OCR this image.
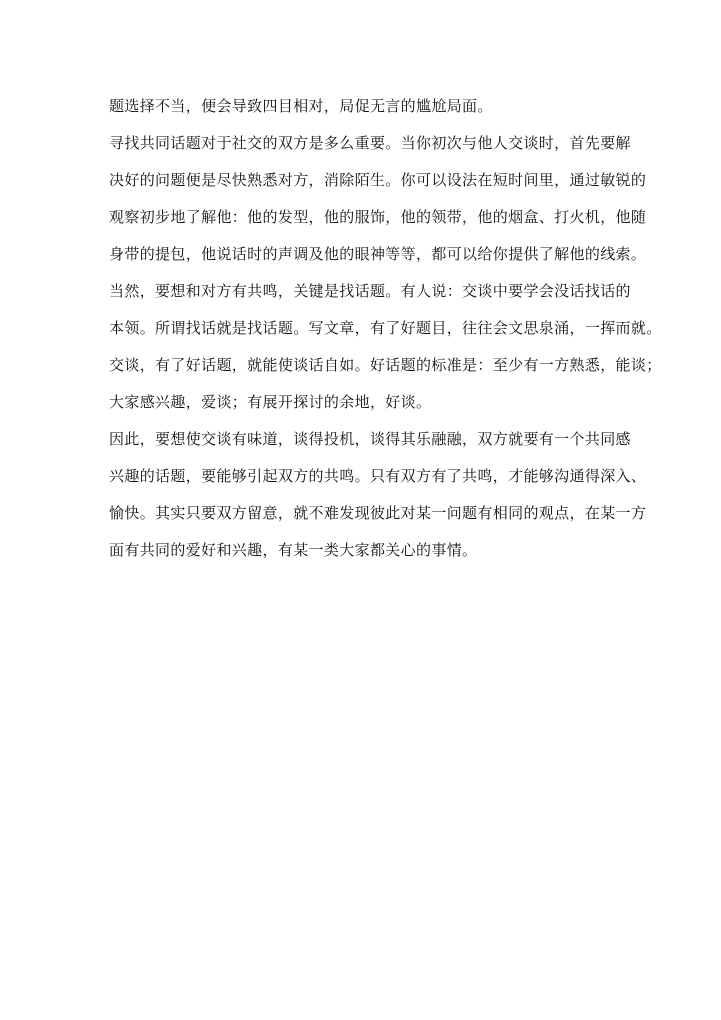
题选择不当，便会导致四目相对，局促无言的尴尬局面。
寻找共同话题对于社交的双方是多么重要。当你初次与他人交谈时，首先要解
决好的问题便是尽快熟悉对方，消除陌生。你可以设法在短时间里，通过敏锐的
观察初步地了解他：他的发型，他的服饰，他的领带，他的烟盒、打火机，他随
身带的提包，他说话时的声调及他的眼神等等，都可以给你提供了解他的线索。
当然，要想和对方有共鸣，关键是找话题。有人说：交谈中要学会没话找话的
本领。所谓找话就是找话题。写文章，有了好题目，往往会文思泉涌，一挥而就。
交谈，有了好话题，就能使谈话自如。好话题的标准是：至少有一方熟悉，能谈；
大家感兴趣，爱谈；有展开探讨的余地，好谈。
因此，要想使交谈有味道，谈得投机，谈得其乐融融，双方就要有一个共同感
兴趣的话题，要能够引起双方的共鸣。只有双方有了共鸣，才能够沟通得深入、
愉快。其实只要双方留意，就不难发现彼此对某一问题有相同的观点，在某一方
面有共同的爱好和兴趣，有某一类大家都关心的事情。
